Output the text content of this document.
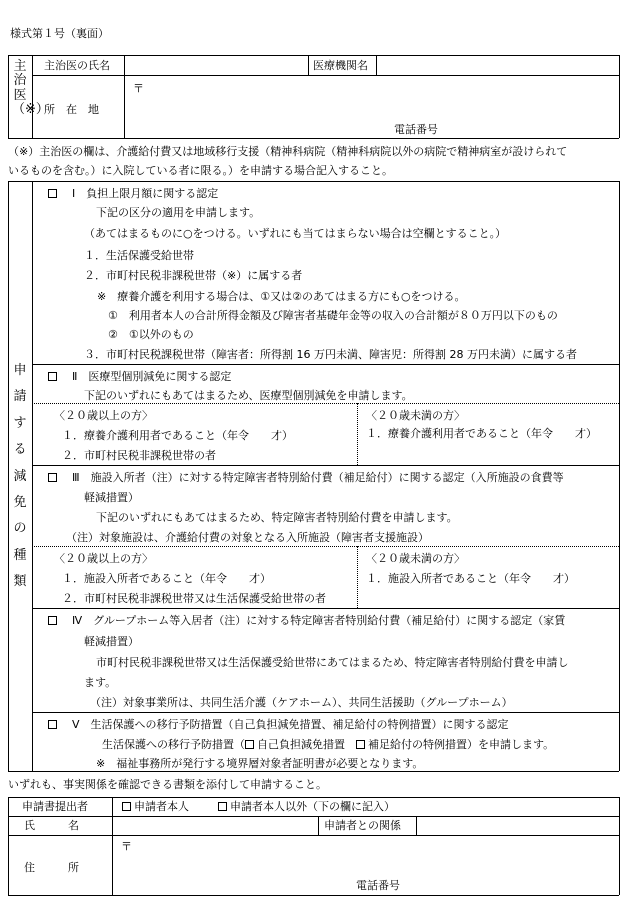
様式第１号（裏面）
主治医（※）
主治医の氏名	医療機関名
所　在　地
〒
電話番号
（※）主治医の欄は、介護給付費又は地域移行支援（精神科病院（精神科病院以外の病院で精神病室が設けられて
いるものを含む。）に入院している者に限る。）を申請する場合記入すること。
申請する減免の種類
Ⅰ　負担上限月額に関する認定
下記の区分の適用を申請します。
（あてはまるものに○をつける。いずれにも当てはまらない場合は空欄とすること。）
１．生活保護受給世帯
２．市町村民税非課税世帯（※）に属する者
※　療養介護を利用する場合は、①又は②のあてはまる方にも○をつける。
①　利用者本人の合計所得金額及び障害者基礎年金等の収入の合計額が８０万円以下のもの
②　①以外のもの
３．市町村民税課税世帯（障害者：所得割 16 万円未満、障害児：所得割 28 万円未満）に属する者
Ⅱ　医療型個別減免に関する認定
下記のいずれにもあてはまるため、医療型個別減免を申請します。
〈２０歳以上の方〉
１．療養介護利用者であること（年令　　才）
２．市町村民税非課税世帯の者
〈２０歳未満の方〉
１．療養介護利用者であること（年令　　才）
Ⅲ　施設入所者（注）に対する特定障害者特別給付費（補足給付）に関する認定（入所施設の食費等
軽減措置）
下記のいずれにもあてはまるため、特定障害者特別給付費を申請します。
（注）対象施設は、介護給付費の対象となる入所施設（障害者支援施設）
〈２０歳以上の方〉
１．施設入所者であること（年令　　才）
２．市町村民税非課税世帯又は生活保護受給世帯の者
〈２０歳未満の方〉
１．施設入所者であること（年令　　才）
Ⅳ　グループホーム等入居者（注）に対する特定障害者特別給付費（補足給付）に関する認定（家賃
軽減措置）
市町村民税非課税世帯又は生活保護受給世帯にあてはまるため、特定障害者特別給付費を申請し
ます。
（注）対象事業所は、共同生活介護（ケアホーム）、共同生活援助（グループホーム）
Ⅴ　生活保護への移行予防措置（自己負担減免措置、補足給付の特例措置）に関する認定
生活保護への移行予防措置（ 自己負担減免措置　 補足給付の特例措置）を申請します。
※　福祉事務所が発行する境界層対象者証明書が必要となります。
いずれも、事実関係を確認できる書類を添付して申請すること。
申請書提出者	申請者本人	申請者本人以外（下の欄に記入）
氏　　　名	申請者との関係
住　　　所
〒
電話番号
